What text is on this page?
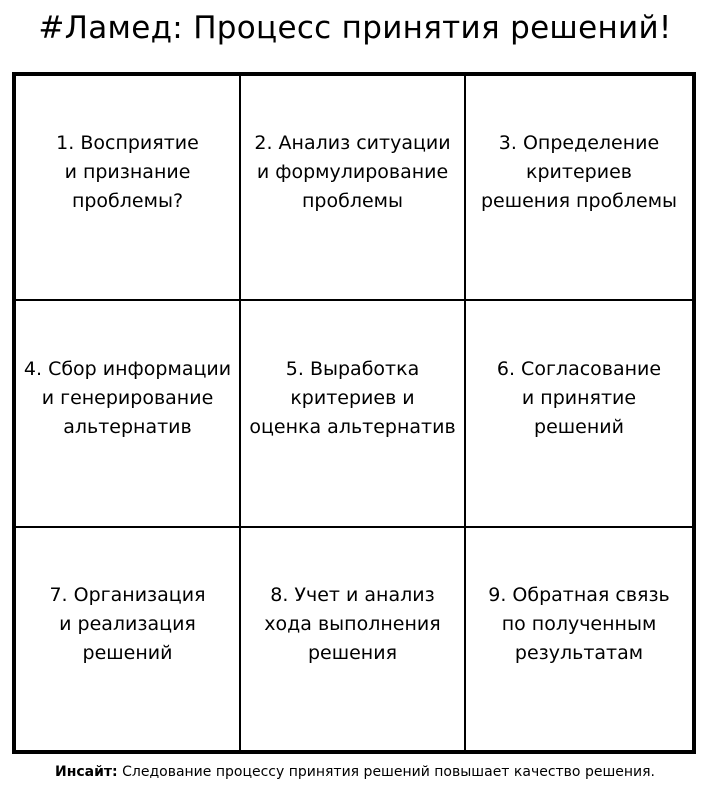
#Ламед: Процесс принятия решений!
1. Восприятие
и признание
проблемы?
2. Анализ ситуации
и формулирование
проблемы
3. Определение
критериев
решения проблемы
4. Сбор информации
и генерирование
альтернатив
5. Выработка
критериев и
оценка альтернатив
6. Согласование
и принятие
решений
7. Организация
и реализация
решений
8. Учет и анализ
хода выполнения
решения
9. Обратная связь
по полученным
результатам
Инсайт: Следование процессу принятия решений повышает качество решения.
